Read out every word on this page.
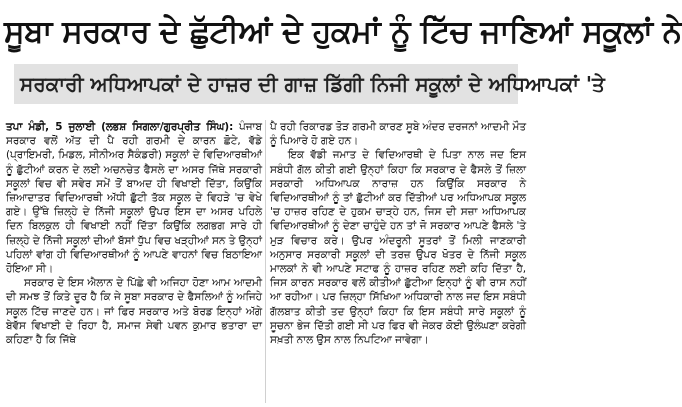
ਸੂਬਾ ਸਰਕਾਰ ਦੇ ਛੁੱਟੀਆਂ ਦੇ ਹੁਕਮਾਂ ਨੂੰ ਟਿੱਚ ਜਾਣਿਆਂ ਸਕੂਲਾਂ ਨੇ
ਸਰਕਾਰੀ ਅਧਿਆਪਕਾਂ ਦੇ ਹਾਜ਼ਰ ਦੀ ਗਾਜ਼ ਡਿੱਗੀ ਨਿਜੀ ਸਕੂਲਾਂ ਦੇ ਅਧਿਆਪਕਾਂ 'ਤੇ

ਤਪਾ ਮੰਡੀ, 5 ਜੁਲਾਈ (ਲਭਸ਼ ਸਿਗਲਾ/ਗੁਰਪ੍ਰੀਤ ਸਿੰਘ): ਪੰਜਾਬ ਸਰਕਾਰ ਵਲੋਂ ਅੱਤ ਦੀ ਪੈ ਰਹੀ ਗਰਮੀ ਦੇ ਕਾਰਨ ਛੋਟੇ, ਵੱਡੇ (ਪ੍ਰਾਇਮਰੀ, ਮਿਡਲ, ਸੀਨੀਅਰ ਸੈਕੰਡਰੀ) ਸਕੂਲਾਂ ਦੇ ਵਿਦਿਆਰਥੀਆਂ ਨੂੰ ਛੁੱਟੀਆਂ ਕਰਨ ਦੇ ਲਈ ਅਚਨਚੇਤ ਫੈਸਲੇ ਦਾ ਅਸਰ ਜਿੱਥੇ ਸਰਕਾਰੀ ਸਕੂਲਾਂ ਵਿਚ ਵੀ ਸਵੇਰ ਸਮੇਂ ਤੋਂ ਬਾਅਦ ਹੀ ਵਿਖਾਈ ਦਿੱਤਾ, ਕਿਉਂਕਿ ਜ਼ਿਆਦਾਤਰ ਵਿਦਿਆਰਥੀ ਅੱਧੀ ਛੁੱਟੀ ਤੱਕ ਸਕੂਲ ਦੇ ਵਿਹੜੇ 'ਚ ਵੇਖੇ ਗਏ। ਉੱਥੇ ਜ਼ਿਲ੍ਹੇ ਦੇ ਨਿੱਜੀ ਸਕੂਲਾਂ ਉਪਰ ਇਸ ਦਾ ਅਸਰ ਪਹਿਲੇ ਦਿਨ ਬਿਲਕੁਲ ਹੀ ਵਿਖਾਈ ਨਹੀਂ ਦਿੱਤਾ ਕਿਉਂਕਿ ਲਗਭਗ ਸਾਰੇ ਹੀ ਜ਼ਿਲ੍ਹੇ ਦੇ ਨਿੱਜੀ ਸਕੂਲਾਂ ਦੀਆਂ ਬੱਸਾਂ ਧੁੱਪ ਵਿਚ ਖੜ੍ਹੀਆਂ ਸਨ ਤੇ ਉਨ੍ਹਾਂ ਪਹਿਲਾਂ ਵਾਂਗ ਹੀ ਵਿਦਿਆਰਥੀਆਂ ਨੂੰ ਆਪਣੇ ਵਾਹਨਾਂ ਵਿਚ ਬਿਠਾਇਆ ਹੋਇਆ ਸੀ।

ਸਰਕਾਰ ਦੇ ਇਸ ਐਲਾਨ ਦੇ ਪਿੱਛੇ ਵੀ ਅਜਿਹਾ ਹੋਣਾ ਆਮ ਆਦਮੀ ਦੀ ਸਮਝ ਤੋਂ ਕਿਤੇ ਦੂਰ ਹੈ ਕਿ ਜੇ ਸੂਬਾ ਸਰਕਾਰ ਦੇ ਫੈਸਲਿਆਂ ਨੂੰ ਅਜਿਹੇ ਸਕੂਲ ਟਿੱਚ ਜਾਣਦੇ ਹਨ। ਜਾਂ ਫਿਰ ਸਰਕਾਰ ਅਤੇ ਬੋਰਡ ਇਨ੍ਹਾਂ ਅੱਗੇ ਬੇਵੱਸ ਵਿਖਾਈ ਦੇ ਰਿਹਾ ਹੈ, ਸਮਾਜ ਸੇਵੀ ਪਵਨ ਕੁਮਾਰ ਭਤਾਰਾ ਦਾ ਕਹਿਣਾ ਹੈ ਕਿ ਜਿੱਥੇ

ਪੈ ਰਹੀ ਰਿਕਾਰਡ ਤੋੜ ਗਰਮੀ ਕਾਰਣ ਸੂਬੇ ਅੰਦਰ ਦਰਜਨਾਂ ਆਦਮੀ ਮੌਤ ਨੂੰ ਪਿਆਰੇ ਹੋ ਗਏ ਹਨ।

ਇਕ ਵੱਡੀ ਜਮਾਤ ਦੇ ਵਿਦਿਆਰਥੀ ਦੇ ਪਿਤਾ ਨਾਲ ਜਦ ਇਸ ਸਬੰਧੀ ਗੱਲ ਕੀਤੀ ਗਈ ਉਨ੍ਹਾਂ ਕਿਹਾ ਕਿ ਸਰਕਾਰ ਦੇ ਫੈਸਲੇ ਤੋਂ ਜ਼ਿਲਾ ਸਰਕਾਰੀ ਅਧਿਆਪਕ ਨਾਰਾਜ਼ ਹਨ ਕਿਉਂਕਿ ਸਰਕਾਰ ਨੇ ਵਿਦਿਆਰਥੀਆਂ ਨੂੰ ਤਾਂ ਛੁੱਟੀਆਂ ਕਰ ਦਿੱਤੀਆਂ ਪਰ ਅਧਿਆਪਕ ਸਕੂਲ 'ਚ ਹਾਜ਼ਰ ਰਹਿਣ ਦੇ ਹੁਕਮ ਚਾੜ੍ਹੇ ਹਨ, ਜਿਸ ਦੀ ਸਜ਼ਾ ਅਧਿਆਪਕ ਵਿਦਿਆਰਥੀਆਂ ਨੂੰ ਦੇਣਾ ਚਾਹੁੰਦੇ ਹਨ ਤਾਂ ਜੋ ਸਰਕਾਰ ਆਪਣੇ ਫੈਸਲੇ 'ਤੇ ਮੁੜ ਵਿਚਾਰ ਕਰੇ। ਉਪਰ ਅੰਦਰੂਨੀ ਸੂਤਰਾਂ ਤੋਂ ਮਿਲੀ ਜਾਣਕਾਰੀ ਅਨੁਸਾਰ ਸਰਕਾਰੀ ਸਕੂਲਾਂ ਦੀ ਤਰਜ਼ ਉਪਰ ਖੋਤਰ ਦੇ ਨਿੱਜੀ ਸਕੂਲ ਮਾਲਕਾਂ ਨੇ ਵੀ ਆਪਣੇ ਸਟਾਫ ਨੂੰ ਹਾਜ਼ਰ ਰਹਿਣ ਲਈ ਕਹਿ ਦਿੱਤਾ ਹੈ, ਜਿਸ ਕਾਰਨ ਸਰਕਾਰ ਵਲੋਂ ਕੀਤੀਆਂ ਛੁੱਟੀਆ ਇਨ੍ਹਾਂ ਨੂੰ ਵੀ ਰਾਸ ਨਹੀਂ ਆ ਰਹੀਆ। ਪਰ ਜ਼ਿਲ੍ਹਾ ਸਿੱਖਿਆ ਅਧਿਕਾਰੀ ਨਾਲ ਜਦ ਇਸ ਸਬੰਧੀ ਗੱਲਬਾਤ ਕੀਤੀ ਤਦ ਉਨ੍ਹਾਂ ਕਿਹਾ ਕਿ ਇਸ ਸਬੰਧੀ ਸਾਰੇ ਸਕੂਲਾਂ ਨੂੰ ਸੂਚਨਾ ਭੇਜ ਦਿੱਤੀ ਗਈ ਸੀ ਪਰ ਫਿਰ ਵੀ ਜੇਕਰ ਕੋਈ ਉਲੰਘਣਾ ਕਰੇਗੀ ਸਖ਼ਤੀ ਨਾਲ ਉਸ ਨਾਲ ਨਿਪਟਿਆ ਜਾਵੇਗਾ।
